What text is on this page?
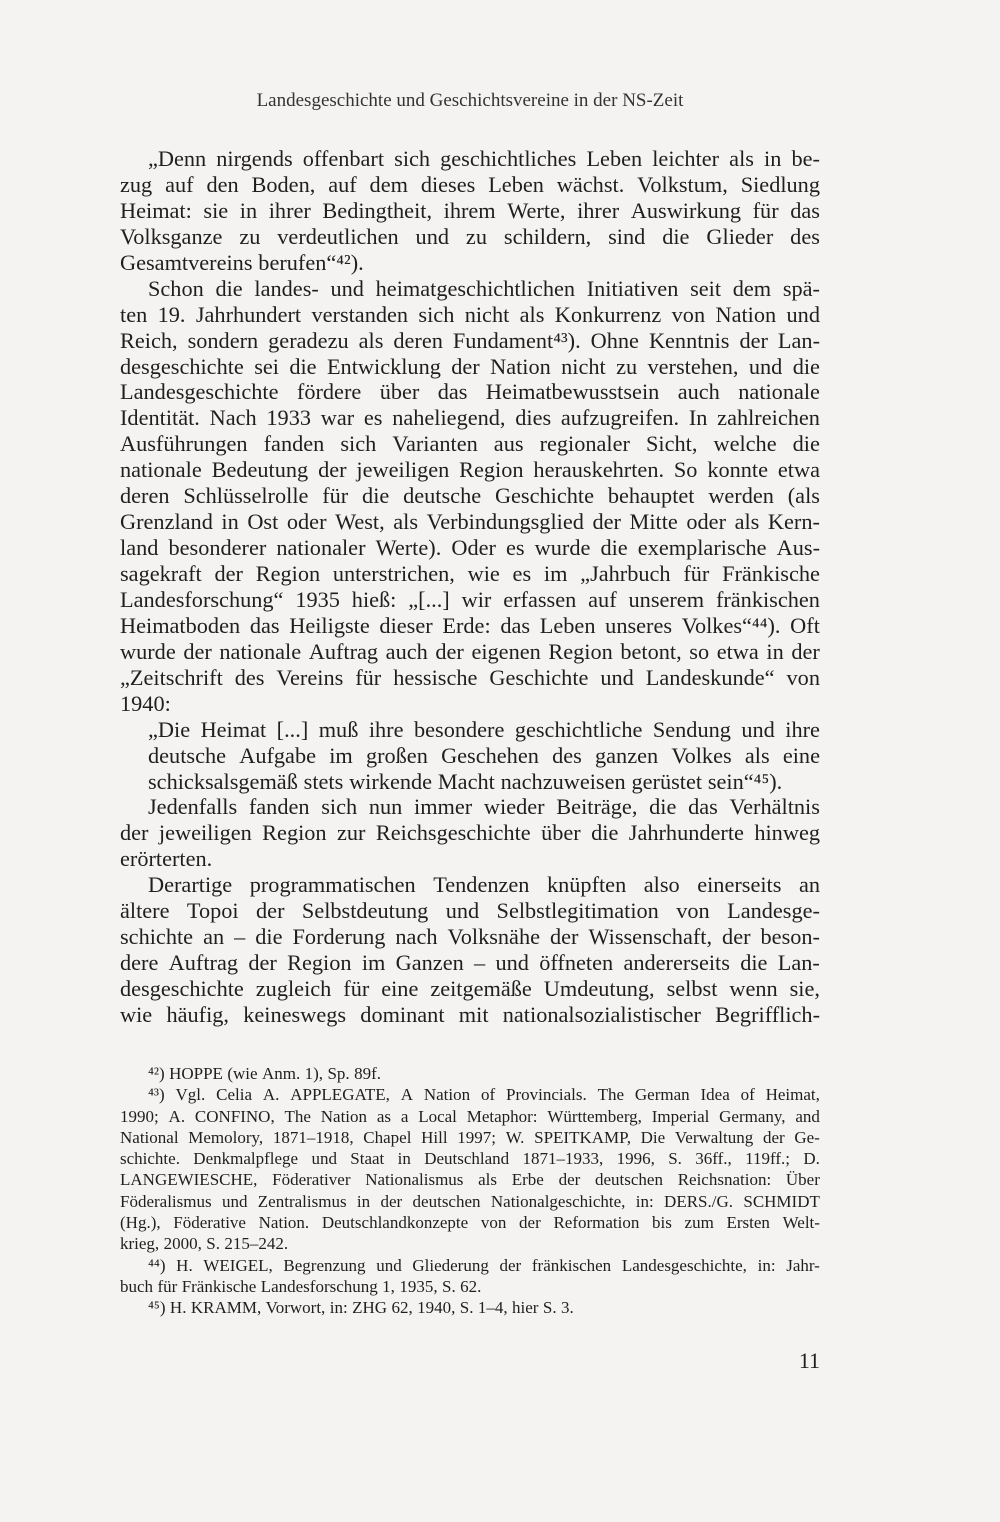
Landesgeschichte und Geschichtsvereine in der NS-Zeit
„Denn nirgends offenbart sich geschichtliches Leben leichter als in be-
zug auf den Boden, auf dem dieses Leben wächst. Volkstum, Siedlung
Heimat: sie in ihrer Bedingtheit, ihrem Werte, ihrer Auswirkung für das
Volksganze zu verdeutlichen und zu schildern, sind die Glieder des
Gesamtvereins berufen“⁴²).
Schon die landes- und heimatgeschichtlichen Initiativen seit dem spä-
ten 19. Jahrhundert verstanden sich nicht als Konkurrenz von Nation und
Reich, sondern geradezu als deren Fundament⁴³). Ohne Kenntnis der Lan-
desgeschichte sei die Entwicklung der Nation nicht zu verstehen, und die
Landesgeschichte fördere über das Heimatbewusstsein auch nationale
Identität. Nach 1933 war es naheliegend, dies aufzugreifen. In zahlreichen
Ausführungen fanden sich Varianten aus regionaler Sicht, welche die
nationale Bedeutung der jeweiligen Region herauskehrten. So konnte etwa
deren Schlüsselrolle für die deutsche Geschichte behauptet werden (als
Grenzland in Ost oder West, als Verbindungsglied der Mitte oder als Kern-
land besonderer nationaler Werte). Oder es wurde die exemplarische Aus-
sagekraft der Region unterstrichen, wie es im „Jahrbuch für Fränkische
Landesforschung“ 1935 hieß: „[...] wir erfassen auf unserem fränkischen
Heimatboden das Heiligste dieser Erde: das Leben unseres Volkes“⁴⁴). Oft
wurde der nationale Auftrag auch der eigenen Region betont, so etwa in der
„Zeitschrift des Vereins für hessische Geschichte und Landeskunde“ von
1940:
„Die Heimat [...] muß ihre besondere geschichtliche Sendung und ihre
deutsche Aufgabe im großen Geschehen des ganzen Volkes als eine
schicksalsgemäß stets wirkende Macht nachzuweisen gerüstet sein“⁴⁵).
Jedenfalls fanden sich nun immer wieder Beiträge, die das Verhältnis
der jeweiligen Region zur Reichsgeschichte über die Jahrhunderte hinweg
erörterten.
Derartige programmatischen Tendenzen knüpften also einerseits an
ältere Topoi der Selbstdeutung und Selbstlegitimation von Landesge-
schichte an – die Forderung nach Volksnähe der Wissenschaft, der beson-
dere Auftrag der Region im Ganzen – und öffneten andererseits die Lan-
desgeschichte zugleich für eine zeitgemäße Umdeutung, selbst wenn sie,
wie häufig, keineswegs dominant mit nationalsozialistischer Begrifflich-
⁴²) HOPPE (wie Anm. 1), Sp. 89f.
⁴³) Vgl. Celia A. APPLEGATE, A Nation of Provincials. The German Idea of Heimat,
1990; A. CONFINO, The Nation as a Local Metaphor: Württemberg, Imperial Germany, and
National Memolory, 1871–1918, Chapel Hill 1997; W. SPEITKAMP, Die Verwaltung der Ge-
schichte. Denkmalpflege und Staat in Deutschland 1871–1933, 1996, S. 36ff., 119ff.; D.
LANGEWIESCHE, Föderativer Nationalismus als Erbe der deutschen Reichsnation: Über
Föderalismus und Zentralismus in der deutschen Nationalgeschichte, in: DERS./G. SCHMIDT
(Hg.), Föderative Nation. Deutschlandkonzepte von der Reformation bis zum Ersten Welt-
krieg, 2000, S. 215–242.
⁴⁴) H. WEIGEL, Begrenzung und Gliederung der fränkischen Landesgeschichte, in: Jahr-
buch für Fränkische Landesforschung 1, 1935, S. 62.
⁴⁵) H. KRAMM, Vorwort, in: ZHG 62, 1940, S. 1–4, hier S. 3.
11
